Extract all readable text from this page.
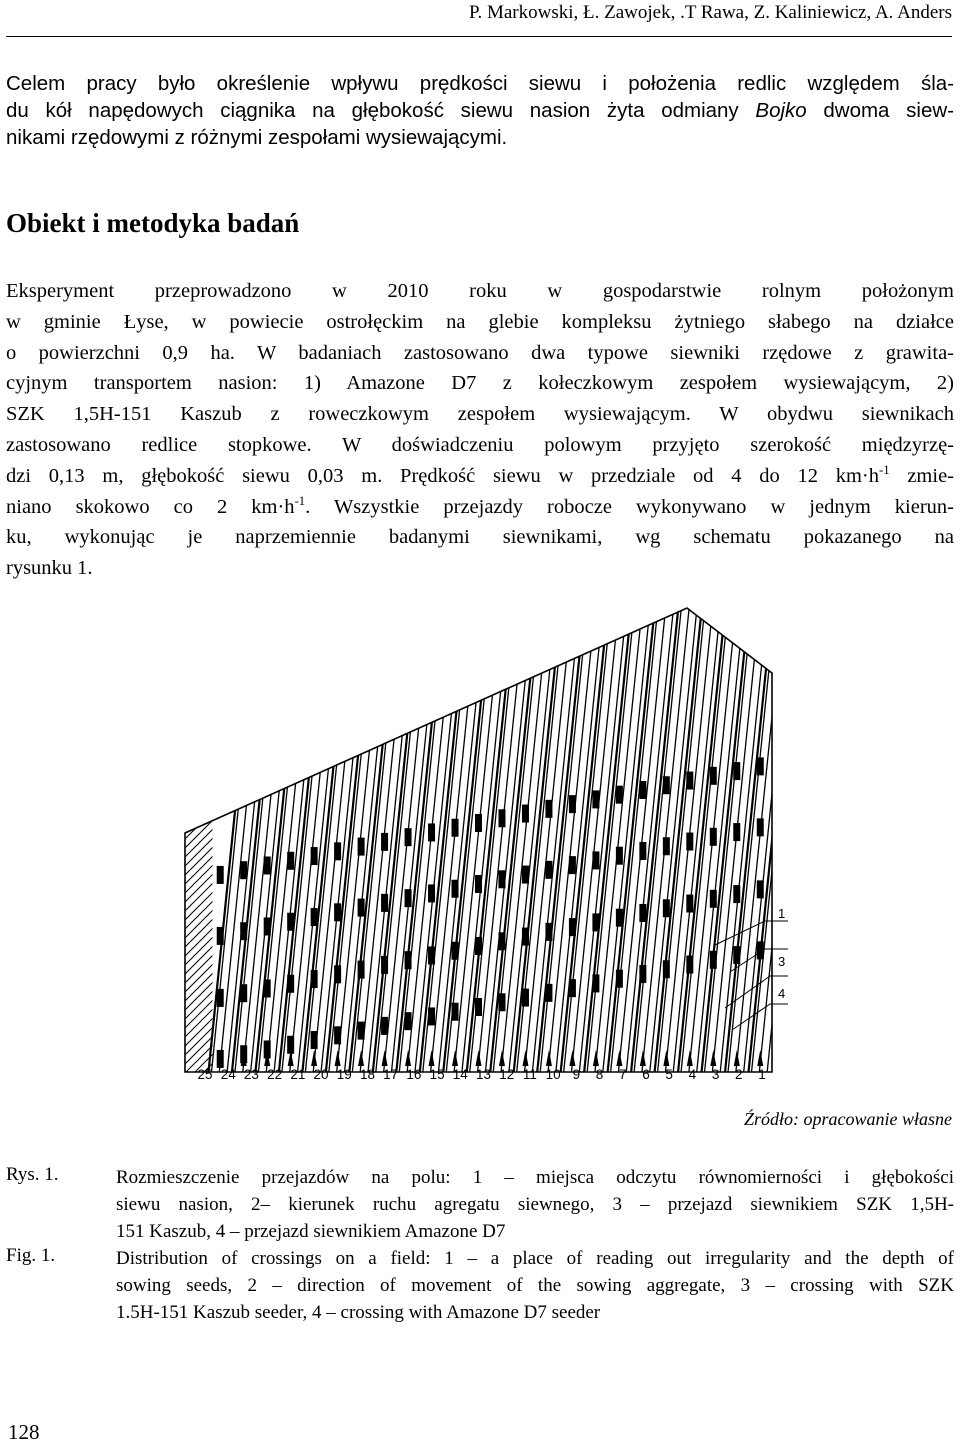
P. Markowski, Ł. Zawojek, .T Rawa, Z. Kaliniewicz, A. Anders

Celem pracy było określenie wpływu prędkości siewu i położenia redlic względem śla-
du kół napędowych ciągnika na głębokość siewu nasion żyta odmiany Bojko dwoma siew-
nikami rzędowymi z różnymi zespołami wysiewającymi.

Obiekt i metodyka badań

Eksperyment przeprowadzono w 2010 roku w gospodarstwie rolnym położonym
w gminie Łyse, w powiecie ostrołęckim na glebie kompleksu żytniego słabego na działce
o powierzchni 0,9 ha. W badaniach zastosowano dwa typowe siewniki rzędowe z grawita-
cyjnym transportem nasion: 1) Amazone D7 z kołeczkowym zespołem wysiewającym, 2)
SZK 1,5H-151 Kaszub z roweczkowym zespołem wysiewającym. W obydwu siewnikach
zastosowano redlice stopkowe. W doświadczeniu polowym przyjęto szerokość międzyrzę-
dzi 0,13 m, głębokość siewu 0,03 m. Prędkość siewu w przedziale od 4 do 12 $km\cdot h^{-1}$ zmie-
niano skokowo co 2 $km\cdot h^{-1}$. Wszystkie przejazdy robocze wykonywano w jednym kierun-
ku, wykonując je naprzemiennie badanymi siewnikami, wg schematu pokazanego na
rysunku 1.

1
3
4
25 24 23 22 21 20 19 18 17 16 15 14 13 12 11 10 9 8 7 6 5 4 3 2 1
Źródło: opracowanie własne
Rys. 1.	Rozmieszczenie przejazdów na polu: 1 – miejsca odczytu równomierności i głębokości
siewu nasion, 2– kierunek ruchu agregatu siewnego, 3 – przejazd siewnikiem SZK 1,5H-
151 Kaszub, 4 – przejazd siewnikiem Amazone D7

Fig. 1.	Distribution of crossings on a field: 1 – a place of reading out irregularity and the depth of
sowing seeds, 2 – direction of movement of the sowing aggregate, 3 – crossing with SZK
1.5H-151 Kaszub seeder, 4 – crossing with Amazone D7 seeder

128
